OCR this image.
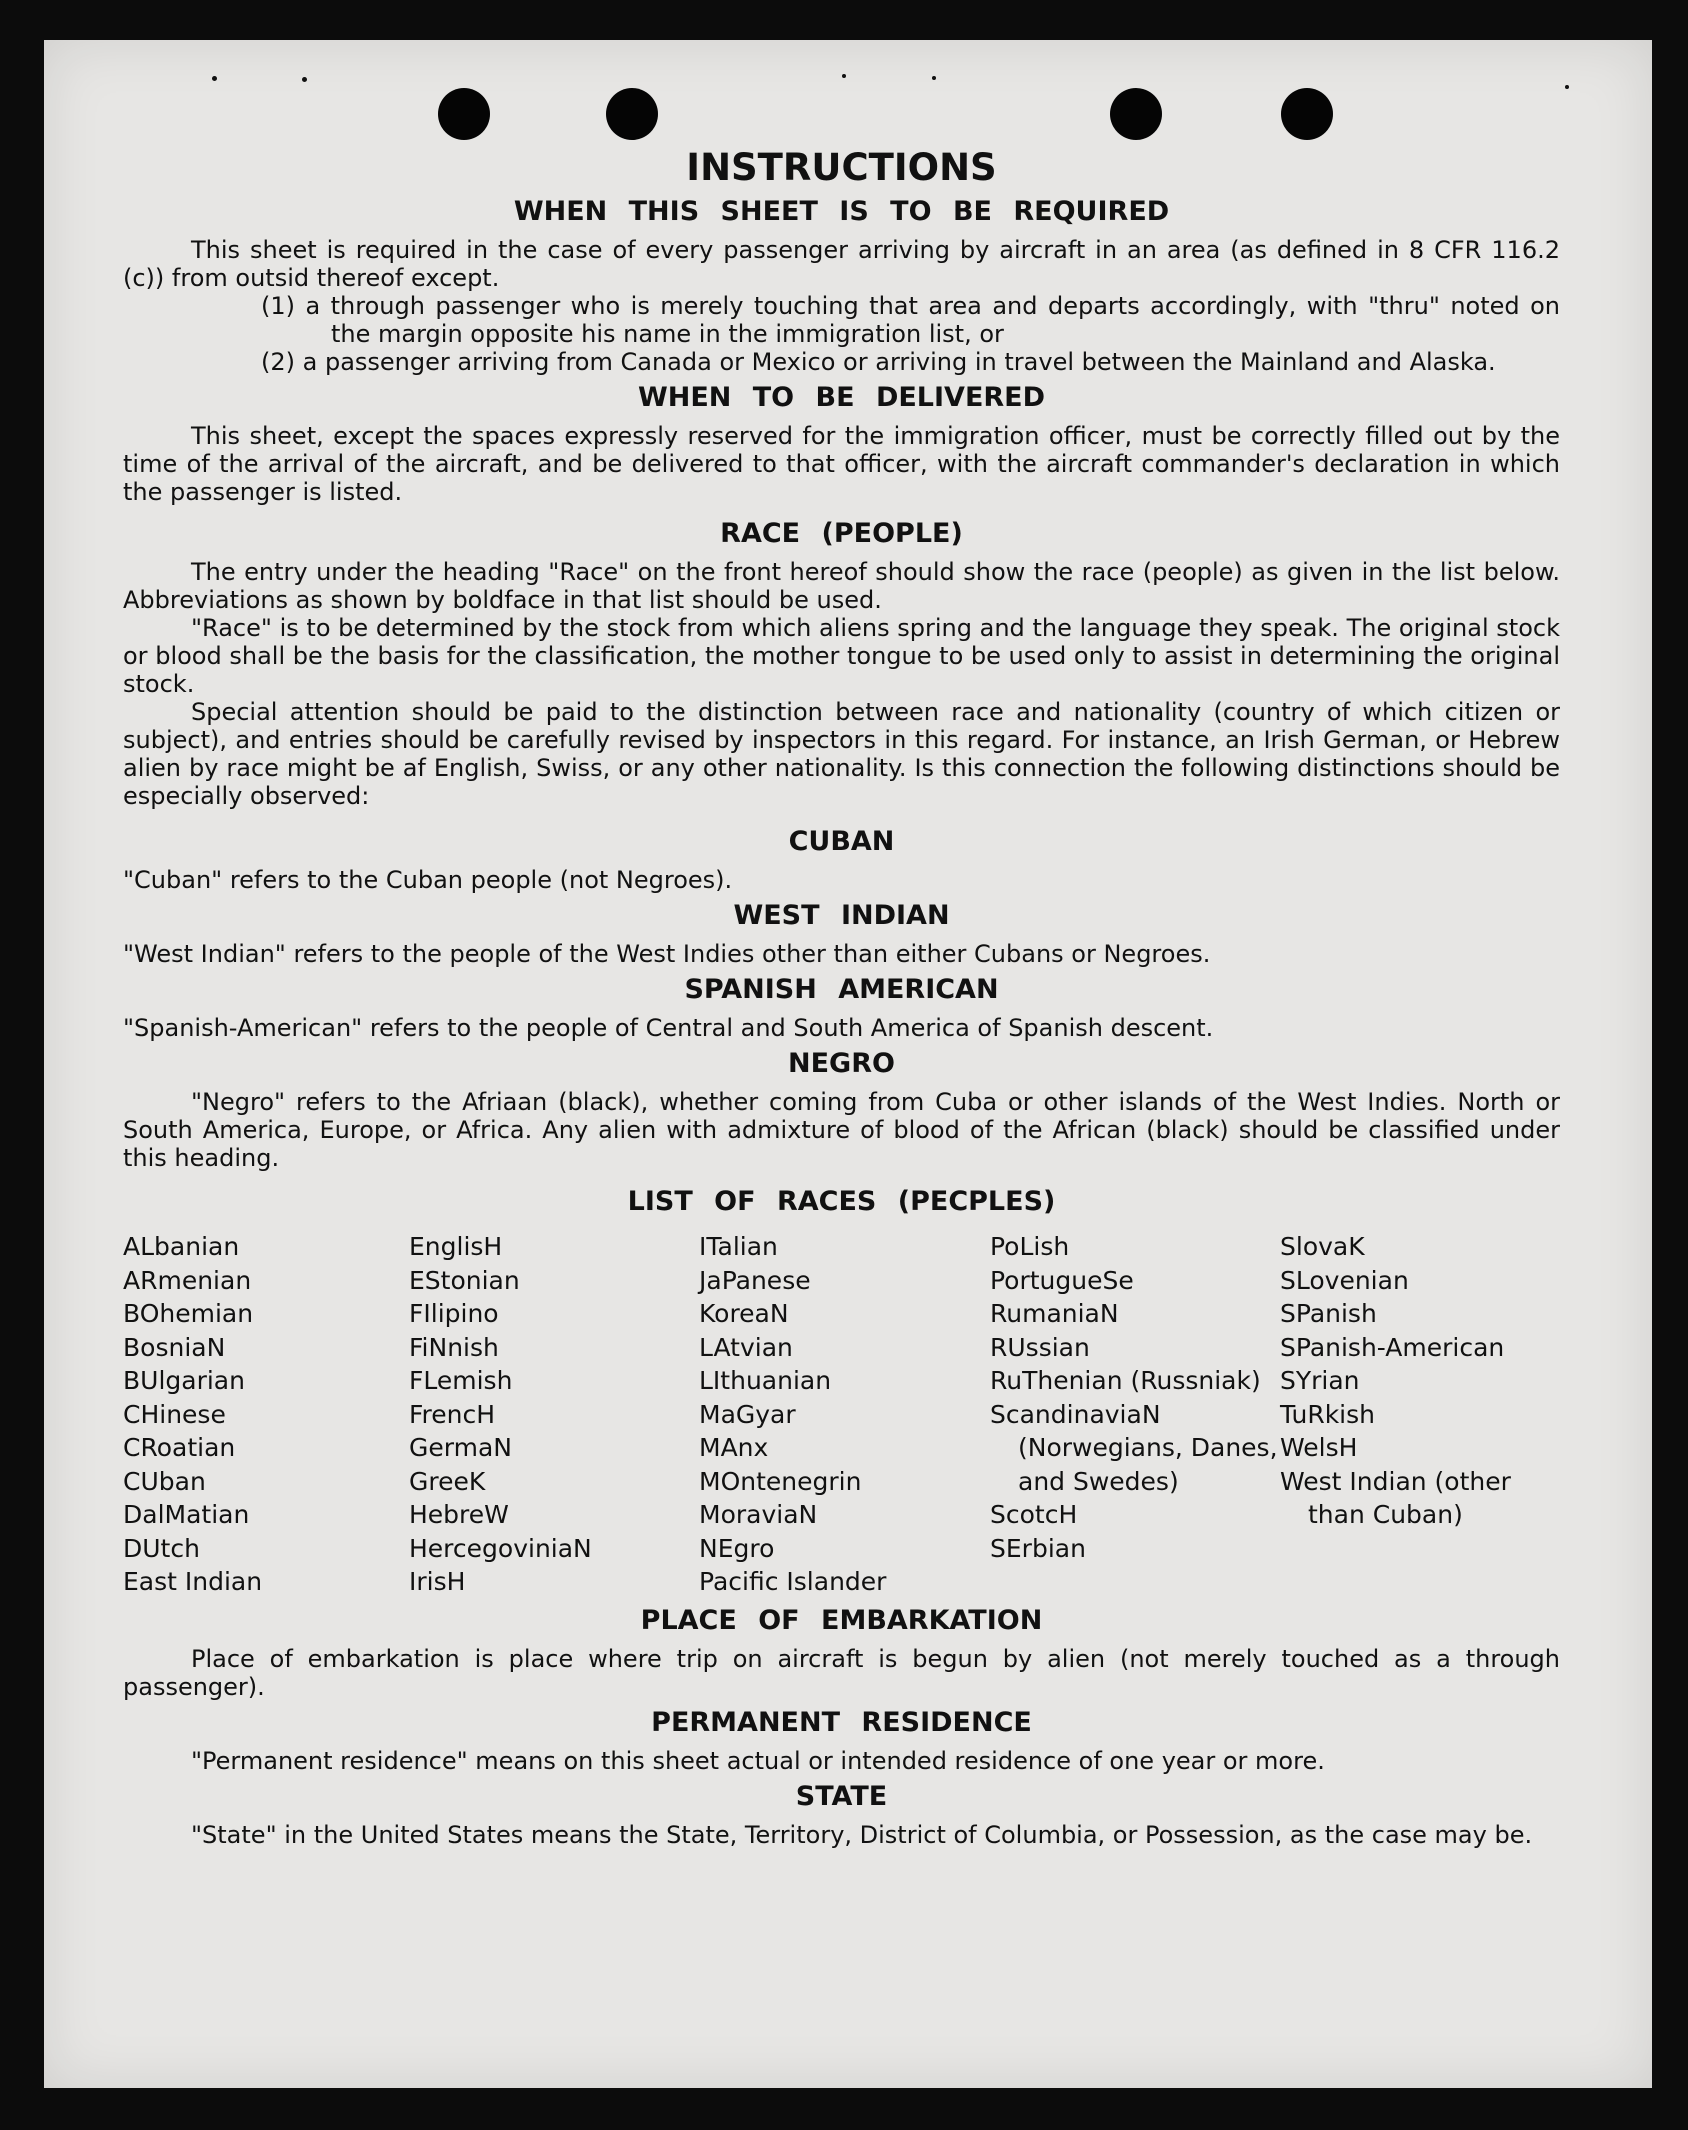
INSTRUCTIONS
WHEN THIS SHEET IS TO BE REQUIRED

This sheet is required in the case of every passenger arriving by aircraft in an area (as defined in 8 CFR 116.2 (c)) from outsid thereof except.

(1) a through passenger who is merely touching that area and departs accordingly, with "thru" noted on the margin opposite his name in the immigration list, or
(2) a passenger arriving from Canada or Mexico or arriving in travel between the Mainland and Alaska.
WHEN TO BE DELIVERED

This sheet, except the spaces expressly reserved for the immigration officer, must be correctly filled out by the time of the arrival of the aircraft, and be delivered to that officer, with the aircraft commander's declaration in which the passenger is listed.

RACE (PEOPLE)

The entry under the heading "Race" on the front hereof should show the race (people) as given in the list below. Abbreviations as shown by boldface in that list should be used.

"Race" is to be determined by the stock from which aliens spring and the language they speak. The original stock or blood shall be the basis for the classification, the mother tongue to be used only to assist in determining the original stock.

Special attention should be paid to the distinction between race and nationality (country of which citizen or subject), and entries should be carefully revised by inspectors in this regard. For instance, an Irish German, or Hebrew alien by race might be af English, Swiss, or any other nationality. Is this connection the following distinctions should be especially observed:

CUBAN

"Cuban" refers to the Cuban people (not Negroes).

WEST INDIAN

"West Indian" refers to the people of the West Indies other than either Cubans or Negroes.

SPANISH AMERICAN

"Spanish-American" refers to the people of Central and South America of Spanish descent.

NEGRO

"Negro" refers to the Afriaan (black), whether coming from Cuba or other islands of the West Indies. North or South America, Europe, or Africa. Any alien with admixture of blood of the African (black) should be classified under this heading.

LIST OF RACES (PECPLES)
ALbanian
ARmenian
BOhemian
BosniaN
BUlgarian
CHinese
CRoatian
CUban
DalMatian
DUtch
East Indian
EnglisH
EStonian
FIlipino
FiNnish
FLemish
FrencH
GermaN
GreeK
HebreW
HercegoviniaN
IrisH
ITalian
JaPanese
KoreaN
LAtvian
LIthuanian
MaGyar
MAnx
MOntenegrin
MoraviaN
NEgro
Pacific Islander
PoLish
PortugueSe
RumaniaN
RUssian
RuThenian (Russniak)
ScandinaviaN (Norwegians, Danes, and Swedes)
ScotcH
SErbian
SlovaK
SLovenian
SPanish
SPanish-American
SYrian
TuRkish
WelsH
West Indian (other than Cuban)
PLACE OF EMBARKATION

Place of embarkation is place where trip on aircraft is begun by alien (not merely touched as a through passenger).

PERMANENT RESIDENCE

"Permanent residence" means on this sheet actual or intended residence of one year or more.

STATE

"State" in the United States means the State, Territory, District of Columbia, or Possession, as the case may be.
